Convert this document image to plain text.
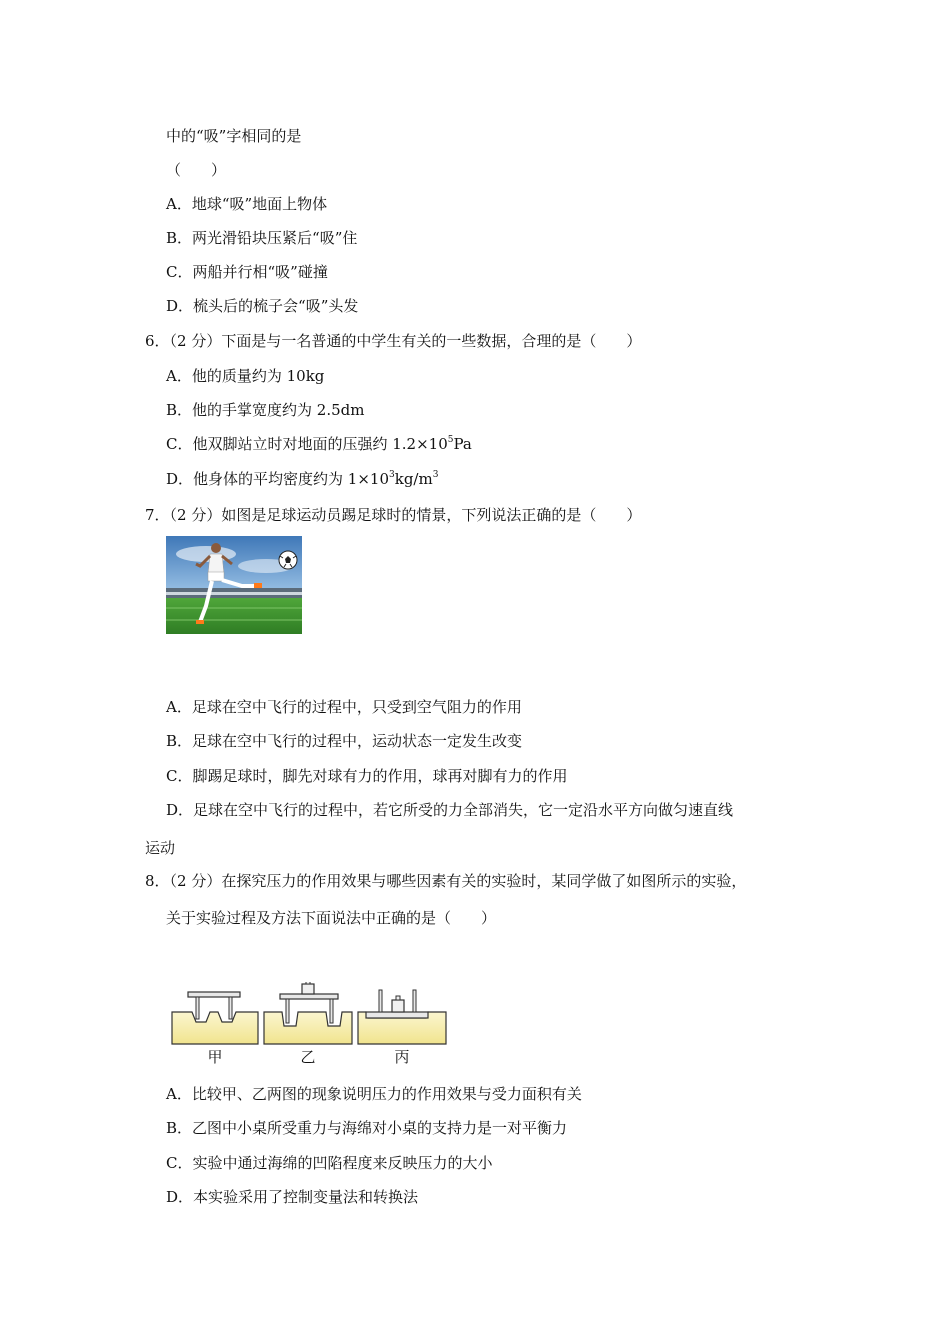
中的“吸”字相同的是
（　　）
A．地球“吸”地面上物体
B．两光滑铅块压紧后“吸”住
C．两船并行相“吸”碰撞
D．梳头后的梳子会“吸”头发
6．（2 分）下面是与一名普通的中学生有关的一些数据，合理的是（　　）
A．他的质量约为 10kg
B．他的手掌宽度约为 2.5dm
C．他双脚站立时对地面的压强约 $1.2\times 10^5Pa$
D．他身体的平均密度约为 $1\times 10^3kg/m^3$
7．（2 分）如图是足球运动员踢足球时的情景，下列说法正确的是（　　）
A．足球在空中飞行的过程中，只受到空气阻力的作用
B．足球在空中飞行的过程中，运动状态一定发生改变
C．脚踢足球时，脚先对球有力的作用，球再对脚有力的作用
D．足球在空中飞行的过程中，若它所受的力全部消失，它一定沿水平方向做匀速直线
运动
8．（2 分）在探究压力的作用效果与哪些因素有关的实验时，某同学做了如图所示的实验，
关于实验过程及方法下面说法中正确的是（　　）
甲	乙	丙
A．比较甲、乙两图的现象说明压力的作用效果与受力面积有关
B．乙图中小桌所受重力与海绵对小桌的支持力是一对平衡力
C．实验中通过海绵的凹陷程度来反映压力的大小
D．本实验采用了控制变量法和转换法
